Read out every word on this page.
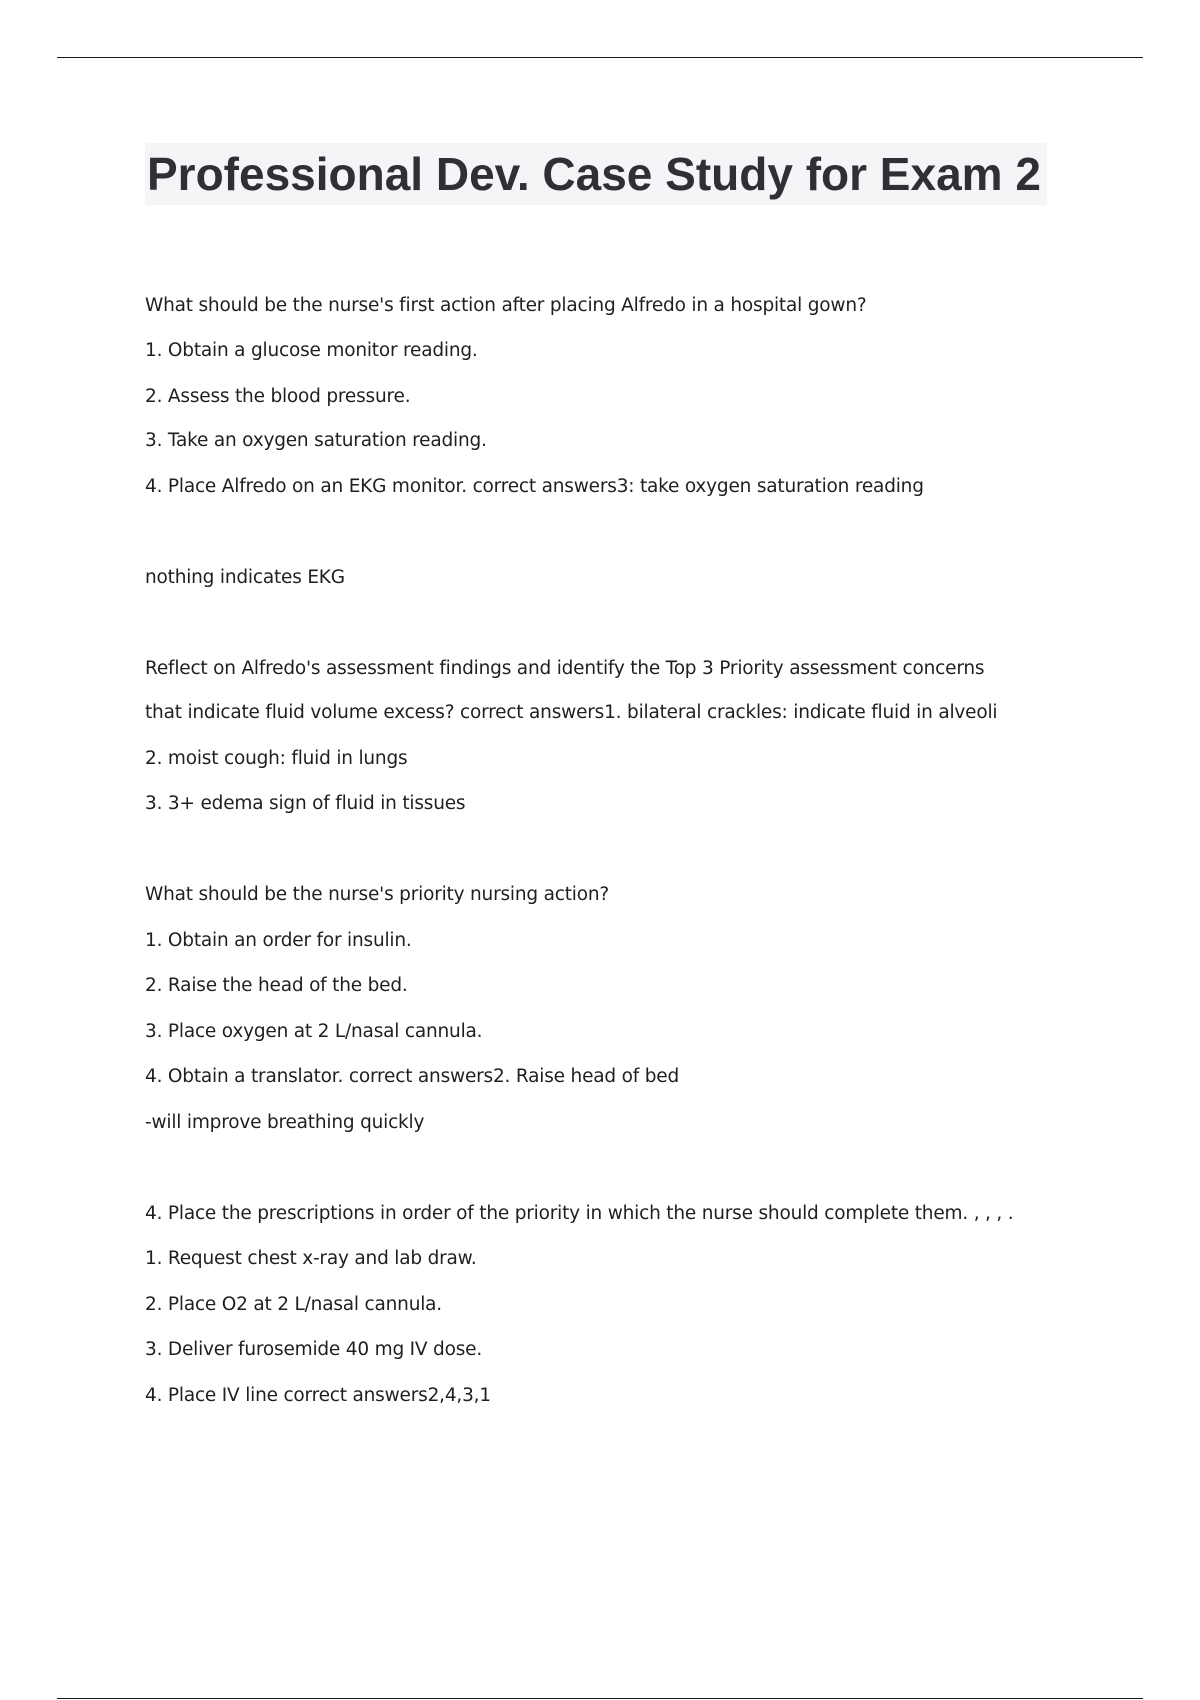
Professional Dev. Case Study for Exam 2
What should be the nurse's first action after placing Alfredo in a hospital gown?
1. Obtain a glucose monitor reading.
2. Assess the blood pressure.
3. Take an oxygen saturation reading.
4. Place Alfredo on an EKG monitor. correct answers3: take oxygen saturation reading
nothing indicates EKG
Reflect on Alfredo's assessment findings and identify the Top 3 Priority assessment concerns
that indicate fluid volume excess? correct answers1. bilateral crackles: indicate fluid in alveoli
2. moist cough: fluid in lungs
3. 3+ edema sign of fluid in tissues
What should be the nurse's priority nursing action?
1. Obtain an order for insulin.
2. Raise the head of the bed.
3. Place oxygen at 2 L/nasal cannula.
4. Obtain a translator. correct answers2. Raise head of bed
-will improve breathing quickly
4. Place the prescriptions in order of the priority in which the nurse should complete them. , , , .
1. Request chest x-ray and lab draw.
2. Place O2 at 2 L/nasal cannula.
3. Deliver furosemide 40 mg IV dose.
4. Place IV line correct answers2,4,3,1
